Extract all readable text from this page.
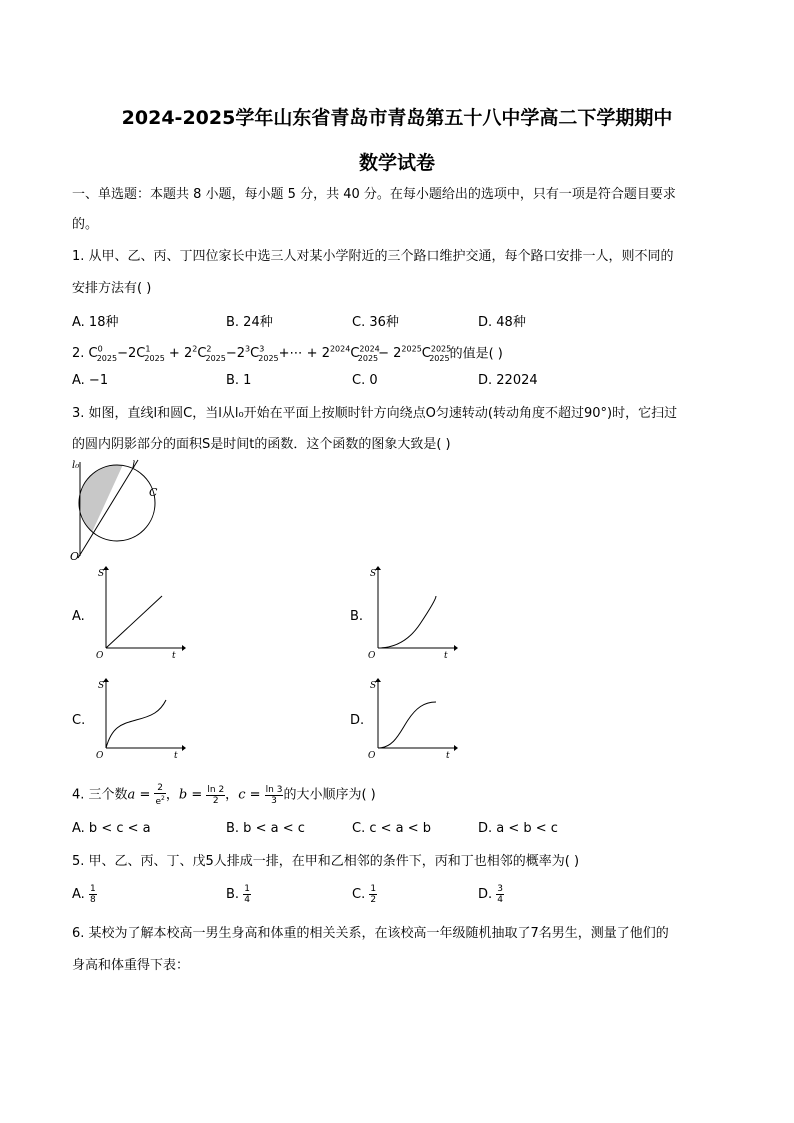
2024-2025学年山东省青岛市青岛第五十八中学高二下学期期中
数学试卷
一、单选题：本题共 8 小题，每小题 5 分，共 40 分。在每小题给出的选项中，只有一项是符合题目要求
的。
1. 从甲、乙、丙、丁四位家长中选三人对某小学附近的三个路口维护交通，每个路口安排一人，则不同的
安排方法有( )
A. 18种	B. 24种	C. 36种	D. 48种
2. $C^0_{2025}-2C^1_{2025}$ + $2^2C^2_{2025}-2^3C^3_{2025}+\cdots + 2^{2024}C^{2024}_{2025}- 2^{2025}C^{2025}_{2025}$的值是( )
A. −1	B. 1	C. 0	D. 22024
3. 如图，直线l和圆C，当l从l₀开始在平面上按顺时针方向绕点O匀速转动(转动角度不超过90°)时，它扫过
的圆内阴影部分的面积S是时间t的函数．这个函数的图象大致是( )
l₀	l
C
O
A.
S
t
O
B.
S
t
O
C.
S
t
O
D.
S
t
O
4. 三个数$a = \frac{2}{e^2}$ ，$b = \frac{\ln 2}{2}$ ，$c = \frac{\ln 3}{3}$ 的大小顺序为( )
A. b < c < a	B. b < a < c	C. c < a < b	D. a < b < c
5. 甲、乙、丙、丁、戊5人排成一排，在甲和乙相邻的条件下，丙和丁也相邻的概率为( )
A. $\frac{1}{8}$	B. $\frac{1}{4}$	C. $\frac{1}{2}$	D. $\frac{3}{4}$
6. 某校为了解本校高一男生身高和体重的相关关系，在该校高一年级随机抽取了7名男生，测量了他们的
身高和体重得下表：
